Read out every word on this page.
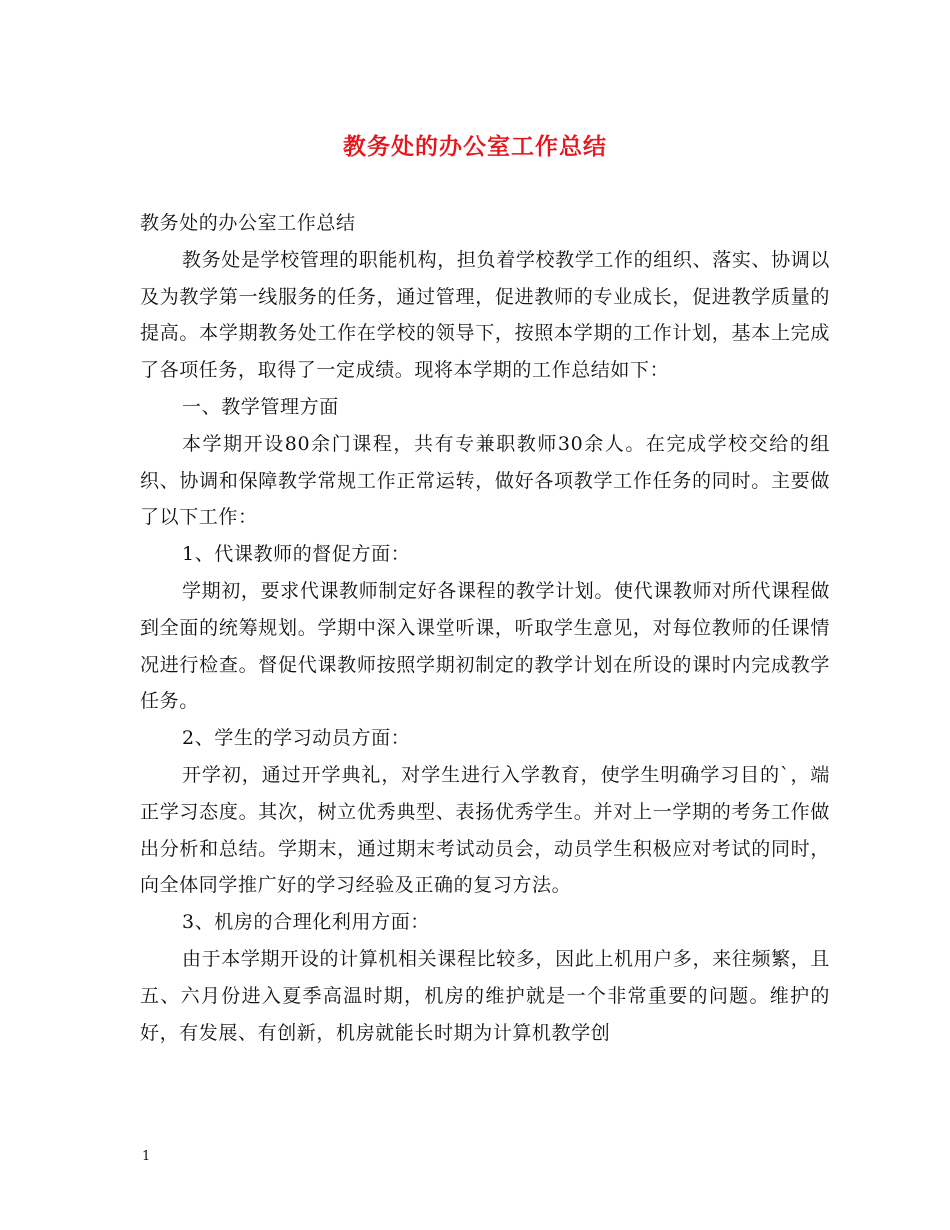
教务处的办公室工作总结

教务处的办公室工作总结

教务处是学校管理的职能机构，担负着学校教学工作的组织、落实、协调以及为教学第一线服务的任务，通过管理，促进教师的专业成长，促进教学质量的提高。本学期教务处工作在学校的领导下，按照本学期的工作计划，基本上完成了各项任务，取得了一定成绩。现将本学期的工作总结如下：

一、教学管理方面

本学期开设80余门课程，共有专兼职教师30余人。在完成学校交给的组织、协调和保障教学常规工作正常运转，做好各项教学工作任务的同时。主要做了以下工作：

1、代课教师的督促方面：

学期初，要求代课教师制定好各课程的教学计划。使代课教师对所代课程做到全面的统筹规划。学期中深入课堂听课，听取学生意见，对每位教师的任课情况进行检查。督促代课教师按照学期初制定的教学计划在所设的课时内完成教学任务。

2、学生的学习动员方面：

开学初，通过开学典礼，对学生进行入学教育，使学生明确学习目的`，端正学习态度。其次，树立优秀典型、表扬优秀学生。并对上一学期的考务工作做出分析和总结。学期末，通过期末考试动员会，动员学生积极应对考试的同时，向全体同学推广好的学习经验及正确的复习方法。

3、机房的合理化利用方面：

由于本学期开设的计算机相关课程比较多，因此上机用户多，来往频繁，且五、六月份进入夏季高温时期，机房的维护就是一个非常重要的问题。维护的好，有发展、有创新，机房就能长时期为计算机教学创

1
